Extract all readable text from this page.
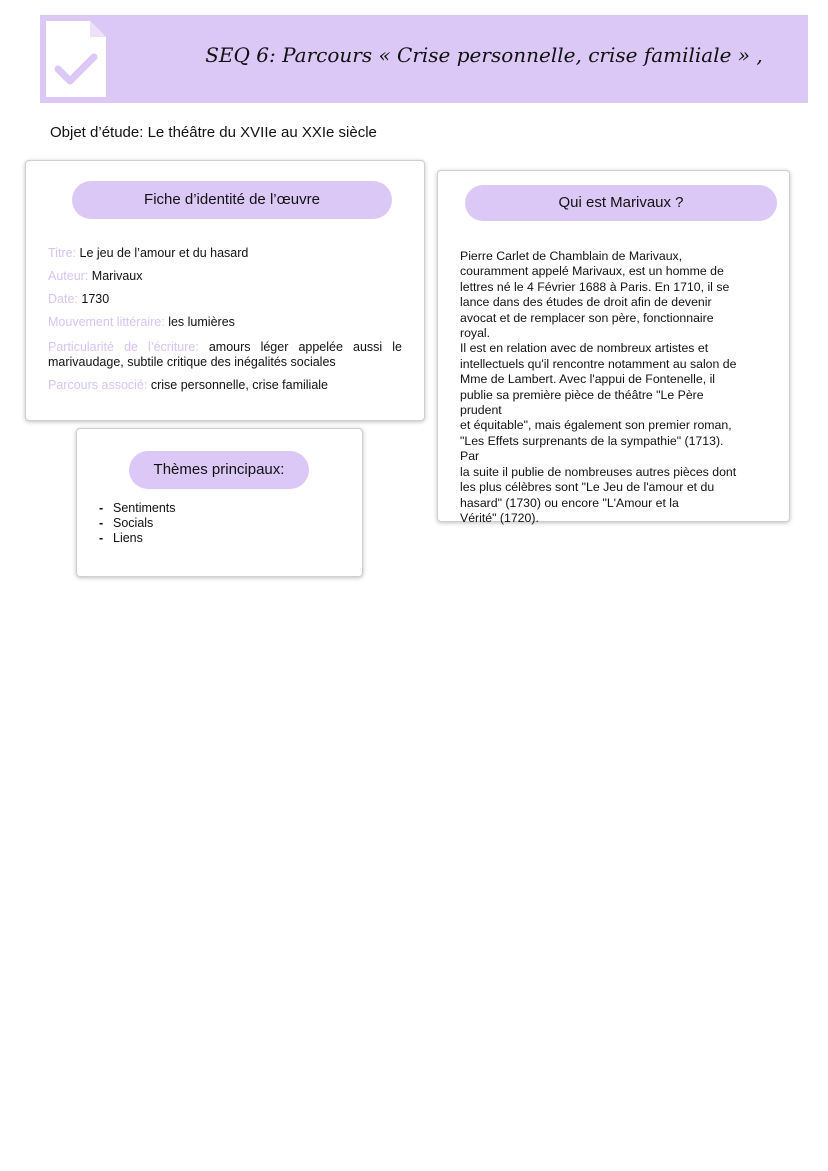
SEQ 6: Parcours « Crise personnelle, crise familiale » ,
Objet d’étude: Le théâtre du XVIIe au XXIe siècle
Fiche d’identité de l’œuvre
Titre: Le jeu de l’amour et du hasard
Auteur: Marivaux
Date: 1730
Mouvement littéraire: les lumières
Particularité de l’écriture: amours léger appelée aussi le
marivaudage, subtile critique des inégalités sociales
Parcours associé: crise personnelle, crise familiale
Thèmes principaux:
- Sentiments
- Socials
- Liens
Qui est Marivaux ?
Pierre Carlet de Chamblain de Marivaux,
couramment appelé Marivaux, est un homme de
lettres né le 4 Février 1688 à Paris. En 1710, il se
lance dans des études de droit afin de devenir
avocat et de remplacer son père, fonctionnaire royal.
Il est en relation avec de nombreux artistes et
intellectuels qu'il rencontre notamment au salon de
Mme de Lambert. Avec l'appui de Fontenelle, il
publie sa première pièce de théâtre "Le Père prudent
et équitable", mais également son premier roman,
"Les Effets surprenants de la sympathie" (1713). Par
la suite il publie de nombreuses autres pièces dont
les plus célèbres sont "Le Jeu de l'amour et du
hasard" (1730) ou encore "L'Amour et la
Vérité" (1720).
